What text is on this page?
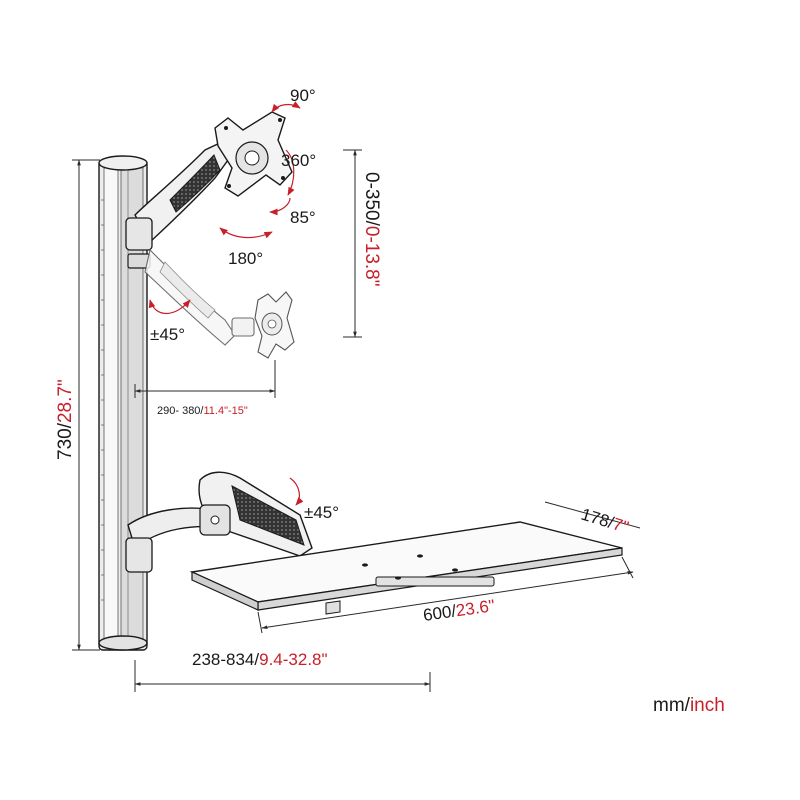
90°
360°
85°
180°
±45°
±45°
0-350/0-13.8"
730/28.7"	290- 380/11.4"-15"
178/7"
600/23.6"
238-834/9.4-32.8"
mm/inch
